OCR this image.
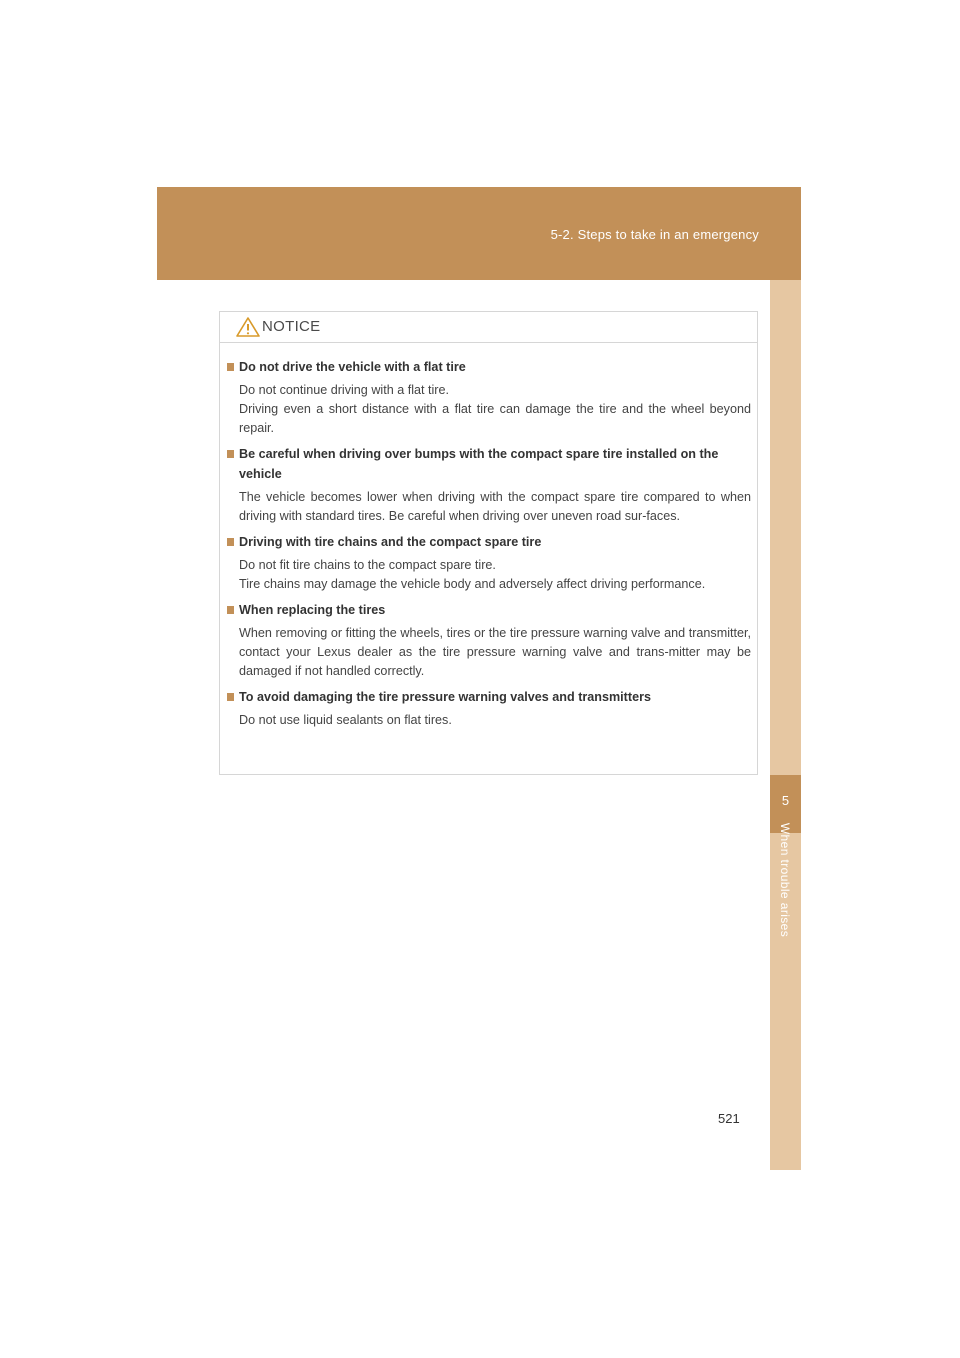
5-2. Steps to take in an emergency
5
When trouble arises
NOTICE
Do not drive the vehicle with a flat tire

Do not continue driving with a flat tire.

Driving even a short distance with a flat tire can damage the tire and the wheel beyond repair.

Be careful when driving over bumps with the compact spare tire installed on the vehicle

The vehicle becomes lower when driving with the compact spare tire compared to when driving with standard tires. Be careful when driving over uneven road sur-faces.

Driving with tire chains and the compact spare tire

Do not fit tire chains to the compact spare tire.

Tire chains may damage the vehicle body and adversely affect driving performance.

When replacing the tires

When removing or fitting the wheels, tires or the tire pressure warning valve and transmitter, contact your Lexus dealer as the tire pressure warning valve and trans-mitter may be damaged if not handled correctly.

To avoid damaging the tire pressure warning valves and transmitters

Do not use liquid sealants on flat tires.

521
